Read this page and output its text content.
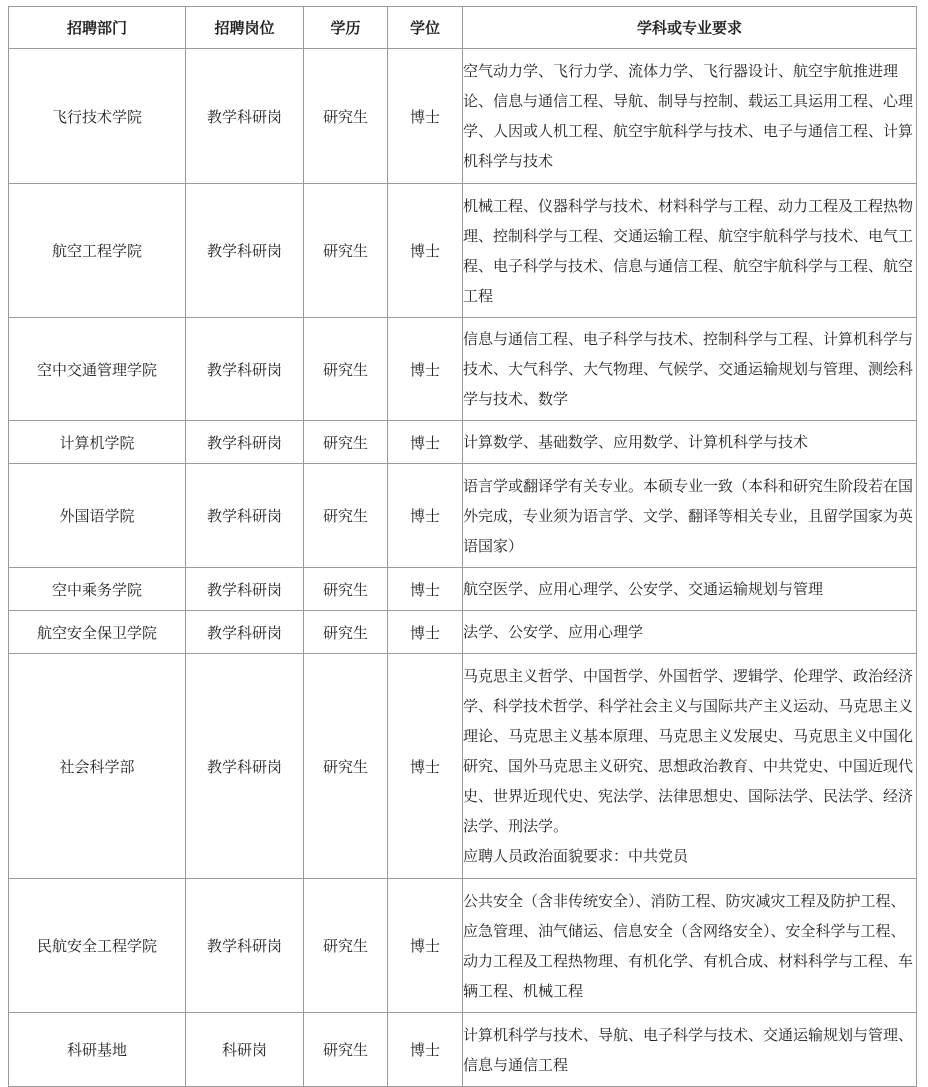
招聘部门	招聘岗位	学历	学位	学科或专业要求
飞行技术学院	教学科研岗	研究生	博士	空气动力学、飞行力学、流体力学、飞行器设计、航空宇航推进理论、信息与通信工程、导航、制导与控制、载运工具运用工程、心理学、人因或人机工程、航空宇航科学与技术、电子与通信工程、计算机科学与技术
航空工程学院	教学科研岗	研究生	博士	机械工程、仪器科学与技术、材料科学与工程、动力工程及工程热物理、控制科学与工程、交通运输工程、航空宇航科学与技术、电气工程、电子科学与技术、信息与通信工程、航空宇航科学与工程、航空工程
空中交通管理学院	教学科研岗	研究生	博士	信息与通信工程、电子科学与技术、控制科学与工程、计算机科学与技术、大气科学、大气物理、气候学、交通运输规划与管理、测绘科学与技术、数学
计算机学院	教学科研岗	研究生	博士	计算数学、基础数学、应用数学、计算机科学与技术
外国语学院	教学科研岗	研究生	博士	语言学或翻译学有关专业。本硕专业一致（本科和研究生阶段若在国外完成，专业须为语言学、文学、翻译等相关专业，且留学国家为英语国家）
空中乘务学院	教学科研岗	研究生	博士	航空医学、应用心理学、公安学、交通运输规划与管理
航空安全保卫学院	教学科研岗	研究生	博士	法学、公安学、应用心理学
社会科学部	教学科研岗	研究生	博士	马克思主义哲学、中国哲学、外国哲学、逻辑学、伦理学、政治经济学、科学技术哲学、科学社会主义与国际共产主义运动、马克思主义理论、马克思主义基本原理、马克思主义发展史、马克思主义中国化研究、国外马克思主义研究、思想政治教育、中共党史、中国近现代史、世界近现代史、宪法学、法律思想史、国际法学、民法学、经济法学、刑法学。
应聘人员政治面貌要求：中共党员

民航安全工程学院	教学科研岗	研究生	博士	公共安全（含非传统安全）、消防工程、防灾减灾工程及防护工程、应急管理、油气储运、信息安全（含网络安全）、安全科学与工程、动力工程及工程热物理、有机化学、有机合成、材料科学与工程、车辆工程、机械工程
科研基地	科研岗	研究生	博士	计算机科学与技术、导航、电子科学与技术、交通运输规划与管理、信息与通信工程
